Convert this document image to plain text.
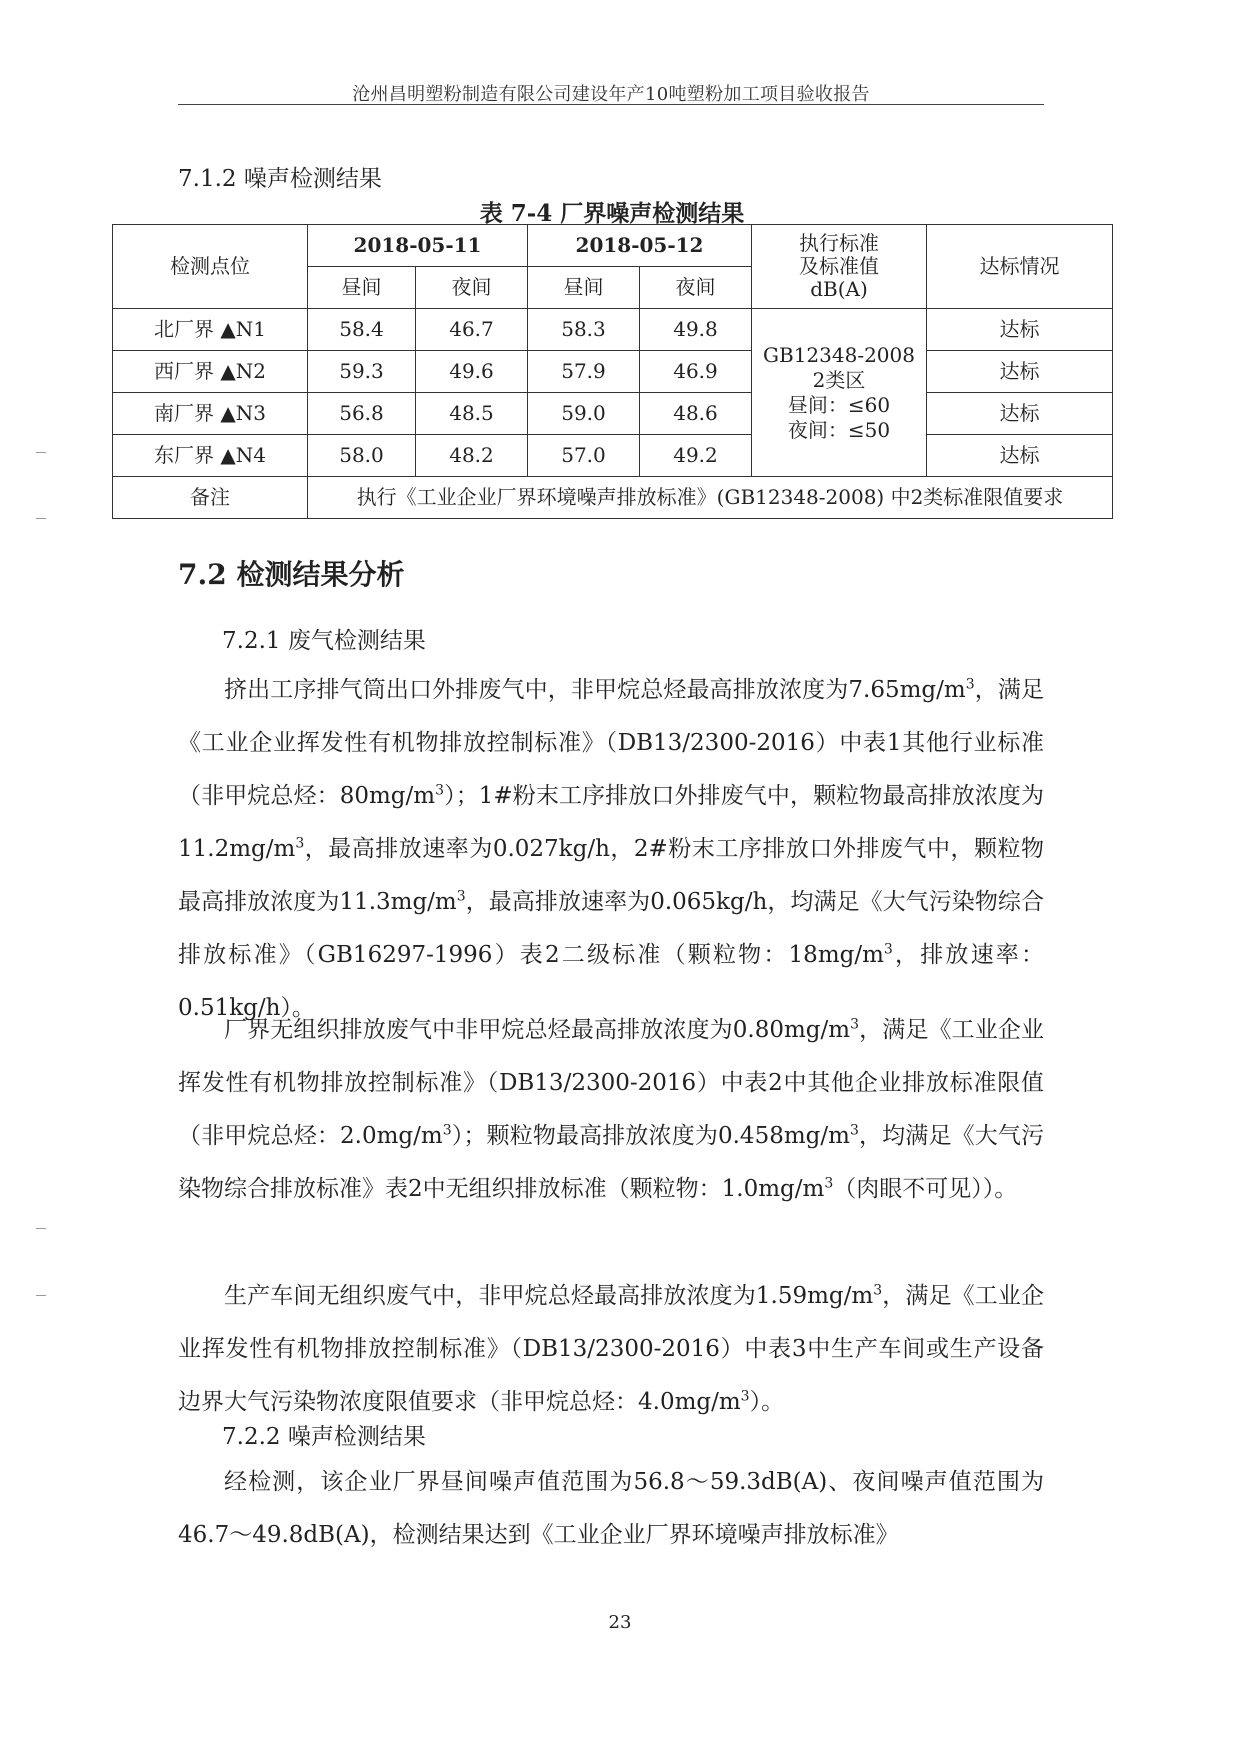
沧州昌明塑粉制造有限公司建设年产10吨塑粉加工项目验收报告
7.1.2 噪声检测结果
表 7-4 厂界噪声检测结果
检测点位	2018-05-11		2018-05-12		执行标准
及标准值
dB(A)	达标情况
	昼间	夜间	昼间	夜间		
北厂界 ▲N1	58.4	46.7	58.3	49.8	GB12348-2008
2类区
昼间：≤60
夜间：≤50	达标
西厂界 ▲N2	59.3	49.6	57.9	46.9		达标
南厂界 ▲N3	56.8	48.5	59.0	48.6		达标
东厂界 ▲N4	58.0	48.2	57.0	49.2		达标
备注	执行《工业企业厂界环境噪声排放标准》(GB12348-2008) 中2类标准限值要求					
7.2 检测结果分析
7.2.1 废气检测结果

挤出工序排气筒出口外排废气中，非甲烷总烃最高排放浓度为$7.65mg/m^3$，满足《工业企业挥发性有机物排放控制标准》（DB13/2300-2016）中表1其他行业标准（非甲烷总烃：$80mg/m^3$）；1#粉末工序排放口外排废气中，颗粒物最高排放浓度为$11.2mg/m^3$，最高排放速率为0.027kg/h，2#粉末工序排放口外排废气中，颗粒物最高排放浓度为$11.3mg/m^3$，最高排放速率为0.065kg/h，均满足《大气污染物综合排放标准》（GB16297-1996）表2二级标准（颗粒物：$18mg/m^3$，排放速率：0.51kg/h）。

厂界无组织排放废气中非甲烷总烃最高排放浓度为$0.80mg/m^3$，满足《工业企业挥发性有机物排放控制标准》（DB13/2300-2016）中表2中其他企业排放标准限值（非甲烷总烃：$2.0mg/m^3$）；颗粒物最高排放浓度为$0.458mg/m^3$，均满足《大气污染物综合排放标准》表2中无组织排放标准（颗粒物：$1.0mg/m^3$（肉眼不可见））。

生产车间无组织废气中，非甲烷总烃最高排放浓度为$1.59mg/m^3$，满足《工业企业挥发性有机物排放控制标准》（DB13/2300-2016）中表3中生产车间或生产设备边界大气污染物浓度限值要求（非甲烷总烃：$4.0mg/m^3$）。

7.2.2 噪声检测结果

经检测，该企业厂界昼间噪声值范围为56.8～59.3dB(A)、夜间噪声值范围为46.7～49.8dB(A)，检测结果达到《工业企业厂界环境噪声排放标准》

23
